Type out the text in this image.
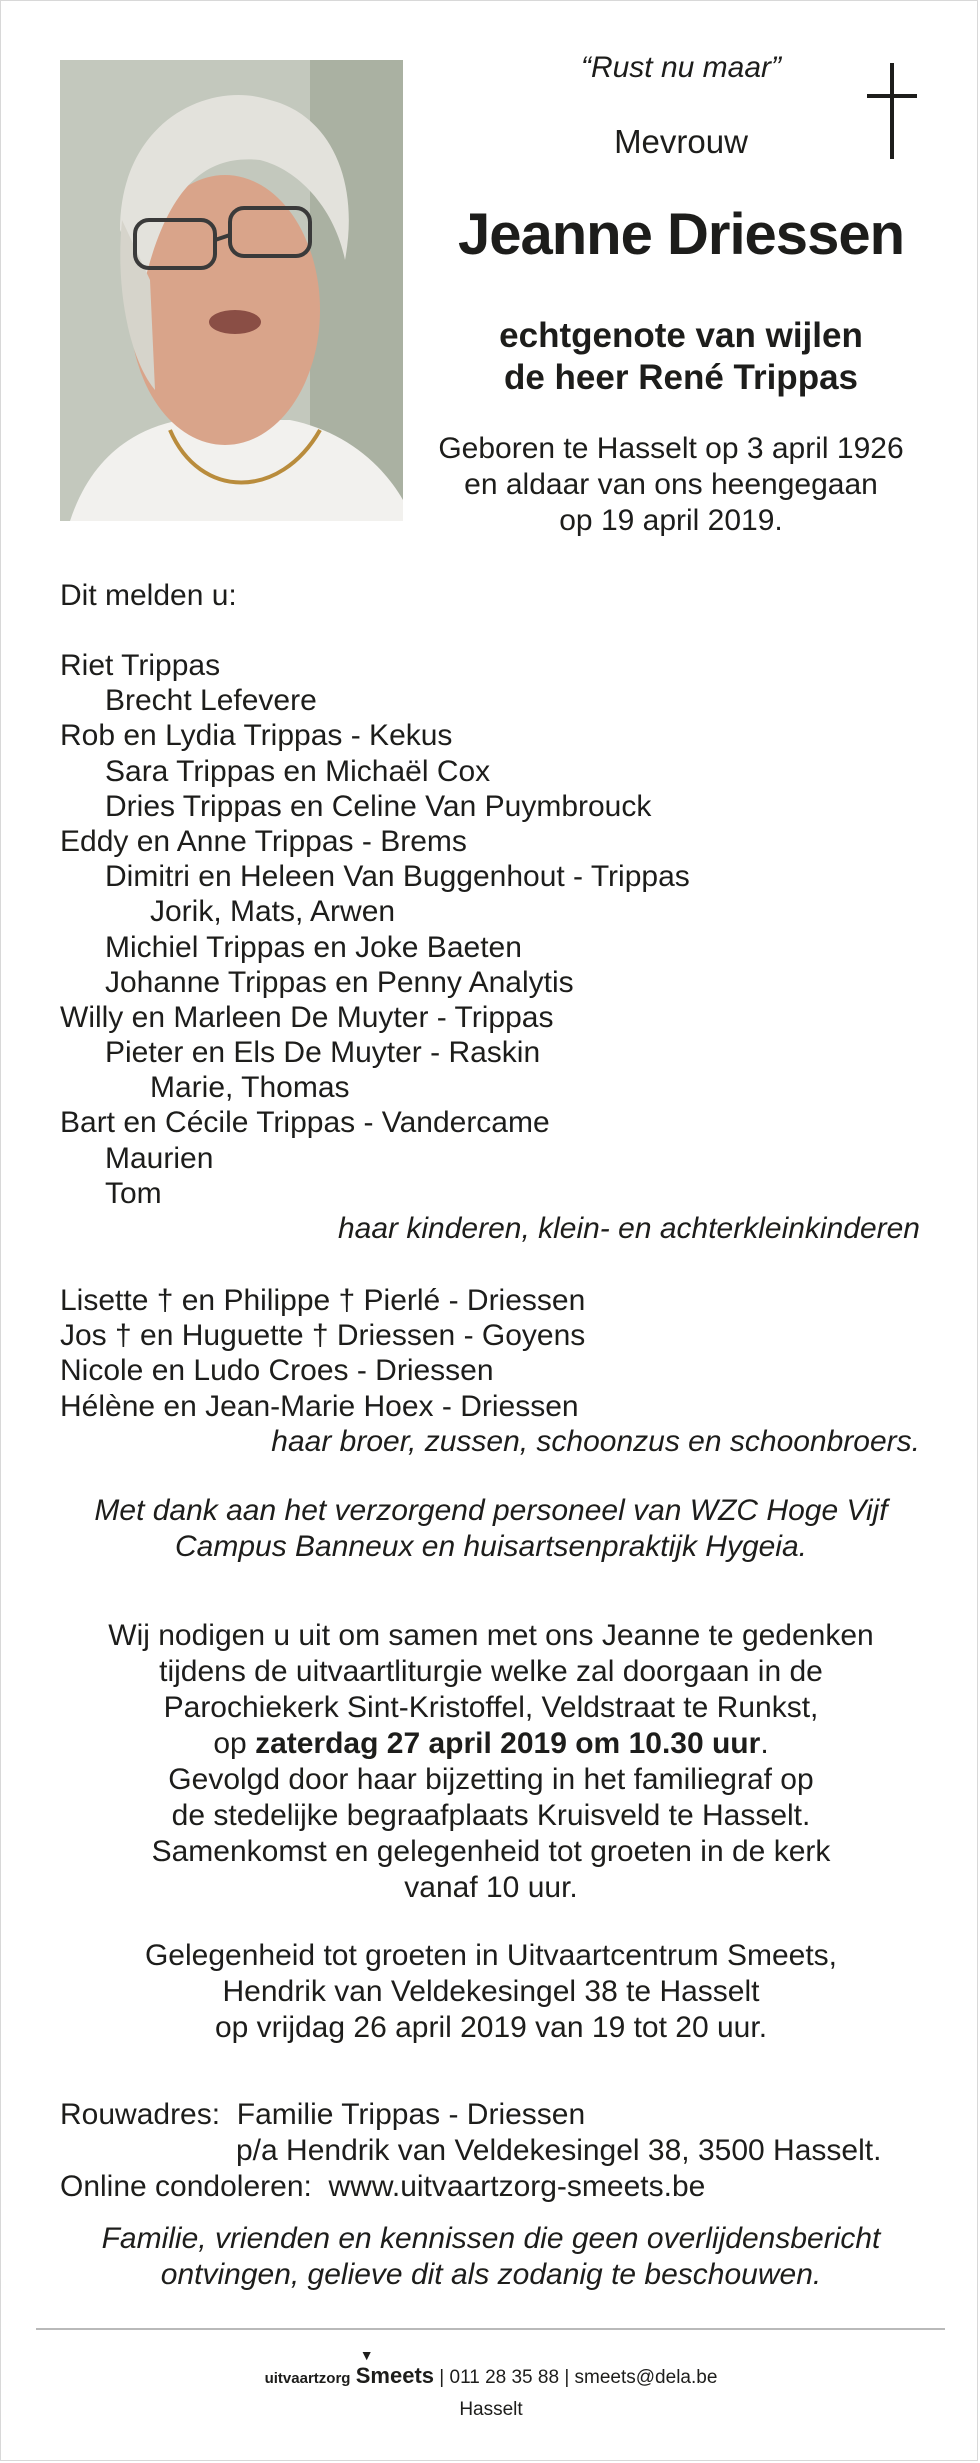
“Rust nu maar”
Mevrouw
Jeanne Driessen
echtgenote van wijlen
de heer René Trippas
Geboren te Hasselt op 3 april 1926
en aldaar van ons heengegaan
op 19 april 2019.
Dit melden u:
Riet Trippas
Brecht Lefevere
Rob en Lydia Trippas - Kekus
Sara Trippas en Michaël Cox
Dries Trippas en Celine Van Puymbrouck
Eddy en Anne Trippas - Brems
Dimitri en Heleen Van Buggenhout - Trippas
Jorik, Mats, Arwen
Michiel Trippas en Joke Baeten
Johanne Trippas en Penny Analytis
Willy en Marleen De Muyter - Trippas
Pieter en Els De Muyter - Raskin
Marie, Thomas
Bart en Cécile Trippas - Vandercame
Maurien
Tom
haar kinderen, klein- en achterkleinkinderen
Lisette † en Philippe † Pierlé - Driessen
Jos † en Huguette † Driessen - Goyens
Nicole en Ludo Croes - Driessen
Hélène en Jean-Marie Hoex - Driessen
haar broer, zussen, schoonzus en schoonbroers.
Met dank aan het verzorgend personeel van WZC Hoge Vijf
Campus Banneux en huisartsenpraktijk Hygeia.
Wij nodigen u uit om samen met ons Jeanne te gedenken
tijdens de uitvaartliturgie welke zal doorgaan in de
Parochiekerk Sint-Kristoffel, Veldstraat te Runkst,
op zaterdag 27 april 2019 om 10.30 uur.
Gevolgd door haar bijzetting in het familiegraf op
de stedelijke begraafplaats Kruisveld te Hasselt.
Samenkomst en gelegenheid tot groeten in de kerk
vanaf 10 uur.
Gelegenheid tot groeten in Uitvaartcentrum Smeets,
Hendrik van Veldekesingel 38 te Hasselt
op vrijdag 26 april 2019 van 19 tot 20 uur.
Rouwadres: Familie Trippas - Driessen
p/a Hendrik van Veldekesingel 38, 3500 Hasselt.
Online condoleren: www.uitvaartzorg-smeets.be
Familie, vrienden en kennissen die geen overlijdensbericht
ontvingen, gelieve dit als zodanig te beschouwen.
uitvaartzorg
▼
Smeets | 011 28 35 88 | smeets@dela.be
Hasselt
